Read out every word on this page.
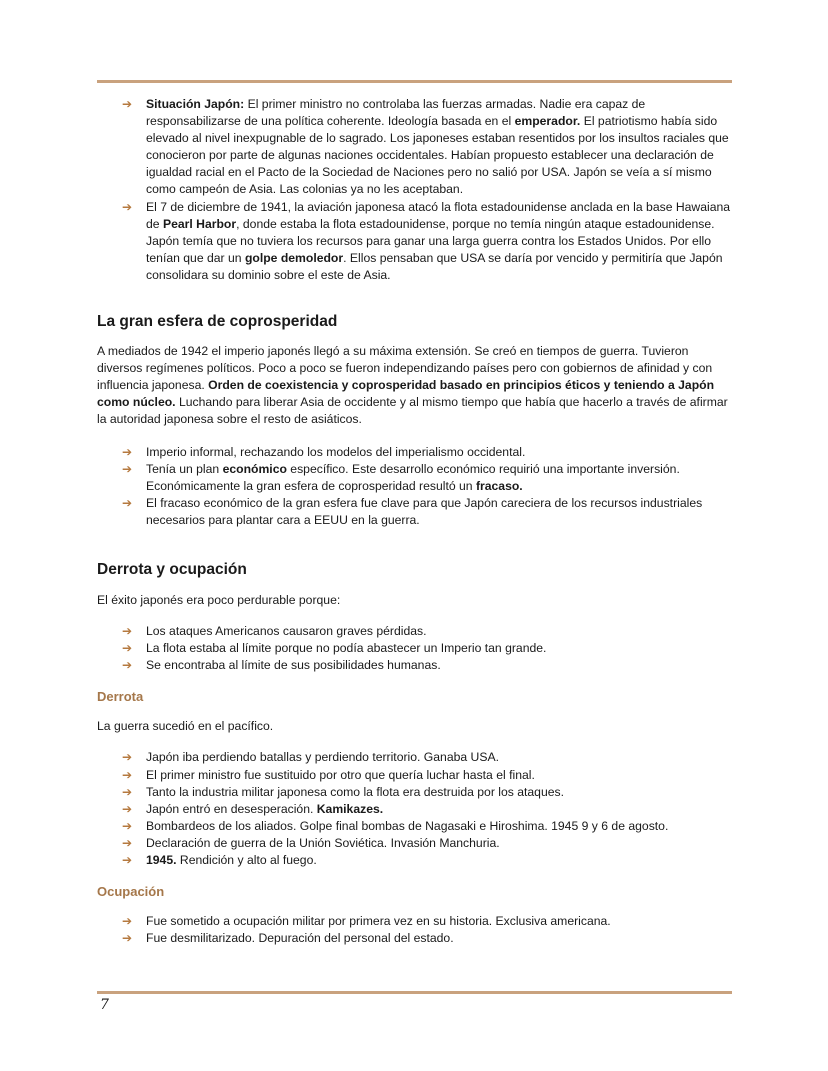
➔ Situación Japón: El primer ministro no controlaba las fuerzas armadas. Nadie era capaz de responsabilizarse de una política coherente. Ideología basada en el emperador. El patriotismo había sido elevado al nivel inexpugnable de lo sagrado. Los japoneses estaban resentidos por los insultos raciales que conocieron por parte de algunas naciones occidentales. Habían propuesto establecer una declaración de igualdad racial en el Pacto de la Sociedad de Naciones pero no salió por USA. Japón se veía a sí mismo como campeón de Asia. Las colonias ya no les aceptaban.
➔ El 7 de diciembre de 1941, la aviación japonesa atacó la flota estadounidense anclada en la base Hawaiana de Pearl Harbor, donde estaba la flota estadounidense, porque no temía ningún ataque estadounidense. Japón temía que no tuviera los recursos para ganar una larga guerra contra los Estados Unidos. Por ello tenían que dar un golpe demoledor. Ellos pensaban que USA se daría por vencido y permitiría que Japón consolidara su dominio sobre el este de Asia.
La gran esfera de coprosperidad

A mediados de 1942 el imperio japonés llegó a su máxima extensión. Se creó en tiempos de guerra. Tuvieron diversos regímenes políticos. Poco a poco se fueron independizando países pero con gobiernos de afinidad y con influencia japonesa. Orden de coexistencia y coprosperidad basado en principios éticos y teniendo a Japón como núcleo. Luchando para liberar Asia de occidente y al mismo tiempo que había que hacerlo a través de afirmar la autoridad japonesa sobre el resto de asiáticos.

➔ Imperio informal, rechazando los modelos del imperialismo occidental.
➔ Tenía un plan económico específico. Este desarrollo económico requirió una importante inversión. Económicamente la gran esfera de coprosperidad resultó un fracaso.
➔ El fracaso económico de la gran esfera fue clave para que Japón careciera de los recursos industriales necesarios para plantar cara a EEUU en la guerra.
Derrota y ocupación

El éxito japonés era poco perdurable porque:

➔ Los ataques Americanos causaron graves pérdidas.
➔ La flota estaba al límite porque no podía abastecer un Imperio tan grande.
➔ Se encontraba al límite de sus posibilidades humanas.
Derrota

La guerra sucedió en el pacífico.

➔ Japón iba perdiendo batallas y perdiendo territorio. Ganaba USA.
➔ El primer ministro fue sustituido por otro que quería luchar hasta el final.
➔ Tanto la industria militar japonesa como la flota era destruida por los ataques.
➔ Japón entró en desesperación. Kamikazes.
➔ Bombardeos de los aliados. Golpe final bombas de Nagasaki e Hiroshima. 1945 9 y 6 de agosto.
➔ Declaración de guerra de la Unión Soviética. Invasión Manchuria.
➔ 1945. Rendición y alto al fuego.
Ocupación
➔ Fue sometido a ocupación militar por primera vez en su historia. Exclusiva americana.
➔ Fue desmilitarizado. Depuración del personal del estado.
7
